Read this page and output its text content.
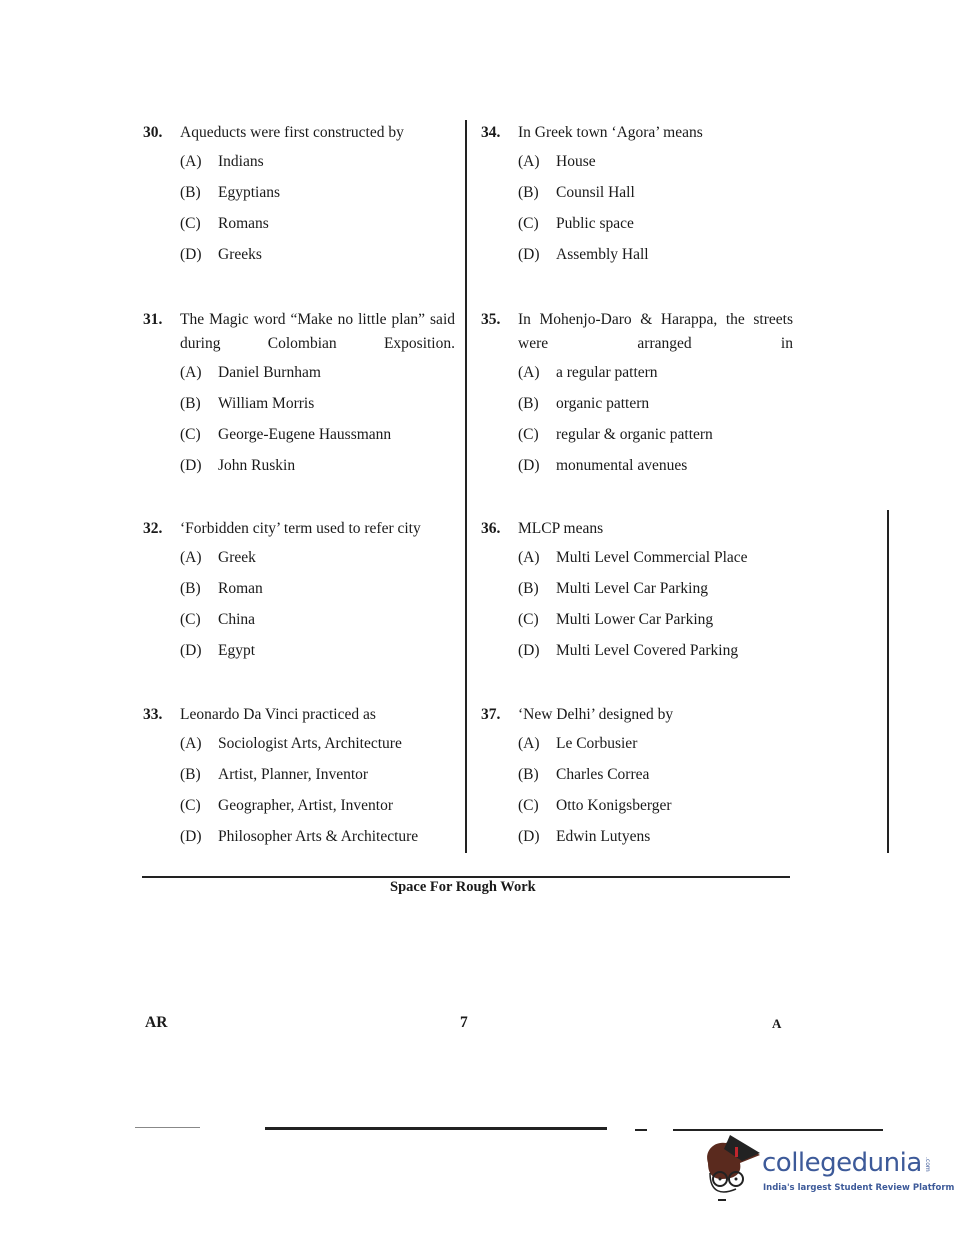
30.	Aqueducts were first constructed by
(A) Indians
(B) Egyptians
(C) Romans
(D) Greeks
31.	The Magic word “Make no little plan” said during Colombian Exposition.
(A) Daniel Burnham
(B) William Morris
(C) George-Eugene Haussmann
(D) John Ruskin
32.	‘Forbidden city’ term used to refer city
(A) Greek
(B) Roman
(C) China
(D) Egypt
33.	Leonardo Da Vinci practiced as
(A) Sociologist Arts, Architecture
(B) Artist, Planner, Inventor
(C) Geographer, Artist, Inventor
(D) Philosopher Arts & Architecture
34.	In Greek town ‘Agora’ means
(A) House
(B) Counsil Hall
(C) Public space
(D) Assembly Hall
35.	In Mohenjo-Daro & Harappa, the streets were arranged in
(A) a regular pattern
(B) organic pattern
(C) regular & organic pattern
(D) monumental avenues
36.	MLCP means
(A) Multi Level Commercial Place
(B) Multi Level Car Parking
(C) Multi Lower Car Parking
(D) Multi Level Covered Parking
37.	‘New Delhi’ designed by
(A) Le Corbusier
(B) Charles Correa
(C) Otto Konigsberger
(D) Edwin Lutyens
Space For Rough Work
AR	7	A
collegedunia .com
India's largest Student Review Platform
